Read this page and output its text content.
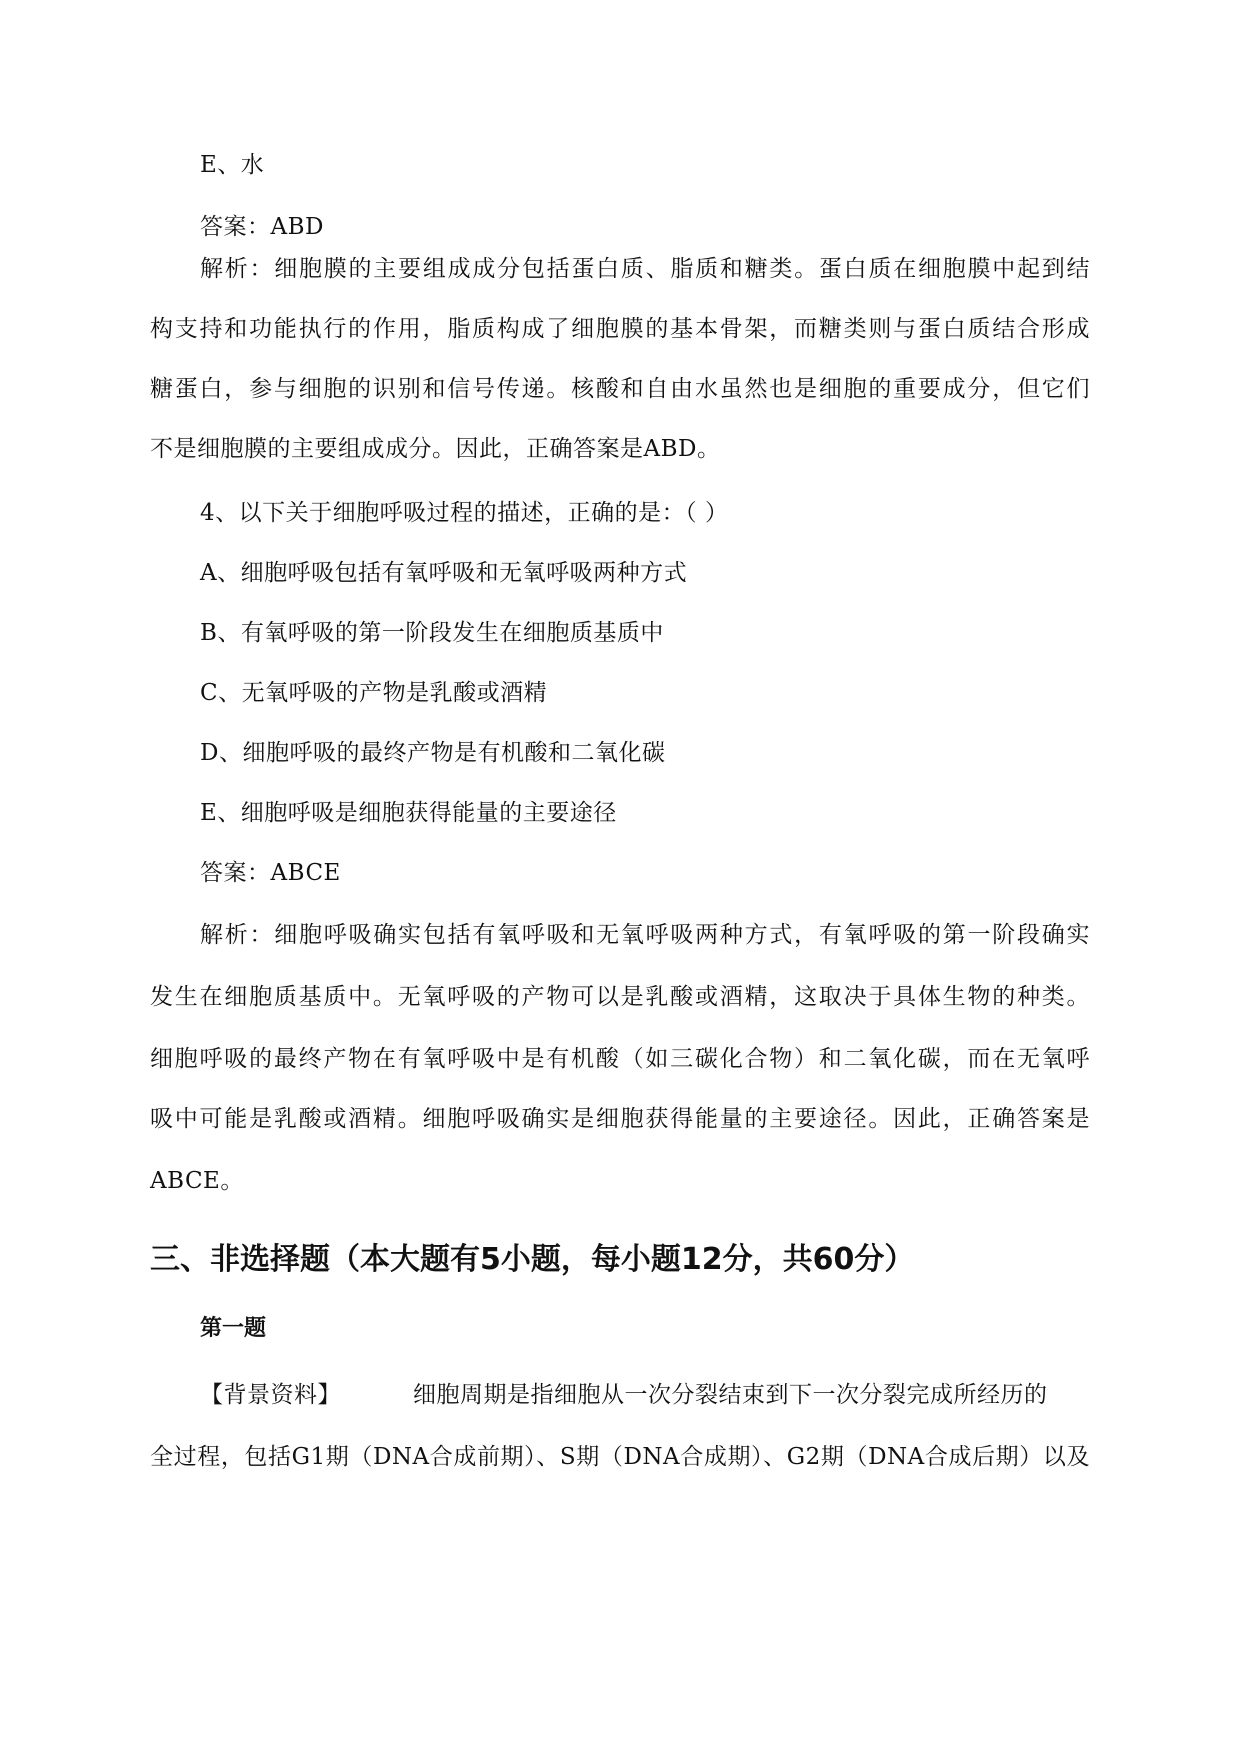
E、水
答案：ABD
解析：细胞膜的主要组成成分包括蛋白质、脂质和糖类。蛋白质在细胞膜中起到结
构支持和功能执行的作用，脂质构成了细胞膜的基本骨架，而糖类则与蛋白质结合形成
糖蛋白，参与细胞的识别和信号传递。核酸和自由水虽然也是细胞的重要成分，但它们
不是细胞膜的主要组成成分。因此，正确答案是ABD。
4、以下关于细胞呼吸过程的描述，正确的是：（ ）
A、细胞呼吸包括有氧呼吸和无氧呼吸两种方式
B、有氧呼吸的第一阶段发生在细胞质基质中
C、无氧呼吸的产物是乳酸或酒精
D、细胞呼吸的最终产物是有机酸和二氧化碳
E、细胞呼吸是细胞获得能量的主要途径
答案：ABCE
解析：细胞呼吸确实包括有氧呼吸和无氧呼吸两种方式，有氧呼吸的第一阶段确实
发生在细胞质基质中。无氧呼吸的产物可以是乳酸或酒精，这取决于具体生物的种类。
细胞呼吸的最终产物在有氧呼吸中是有机酸（如三碳化合物）和二氧化碳，而在无氧呼
吸中可能是乳酸或酒精。细胞呼吸确实是细胞获得能量的主要途径。因此，正确答案是
ABCE。
三、非选择题（本大题有5小题，每小题12分，共60分）
第一题
【背景资料】	细胞周期是指细胞从一次分裂结束到下一次分裂完成所经历的
全过程，包括G1期（DNA合成前期）、S期（DNA合成期）、G2期（DNA合成后期）以及
